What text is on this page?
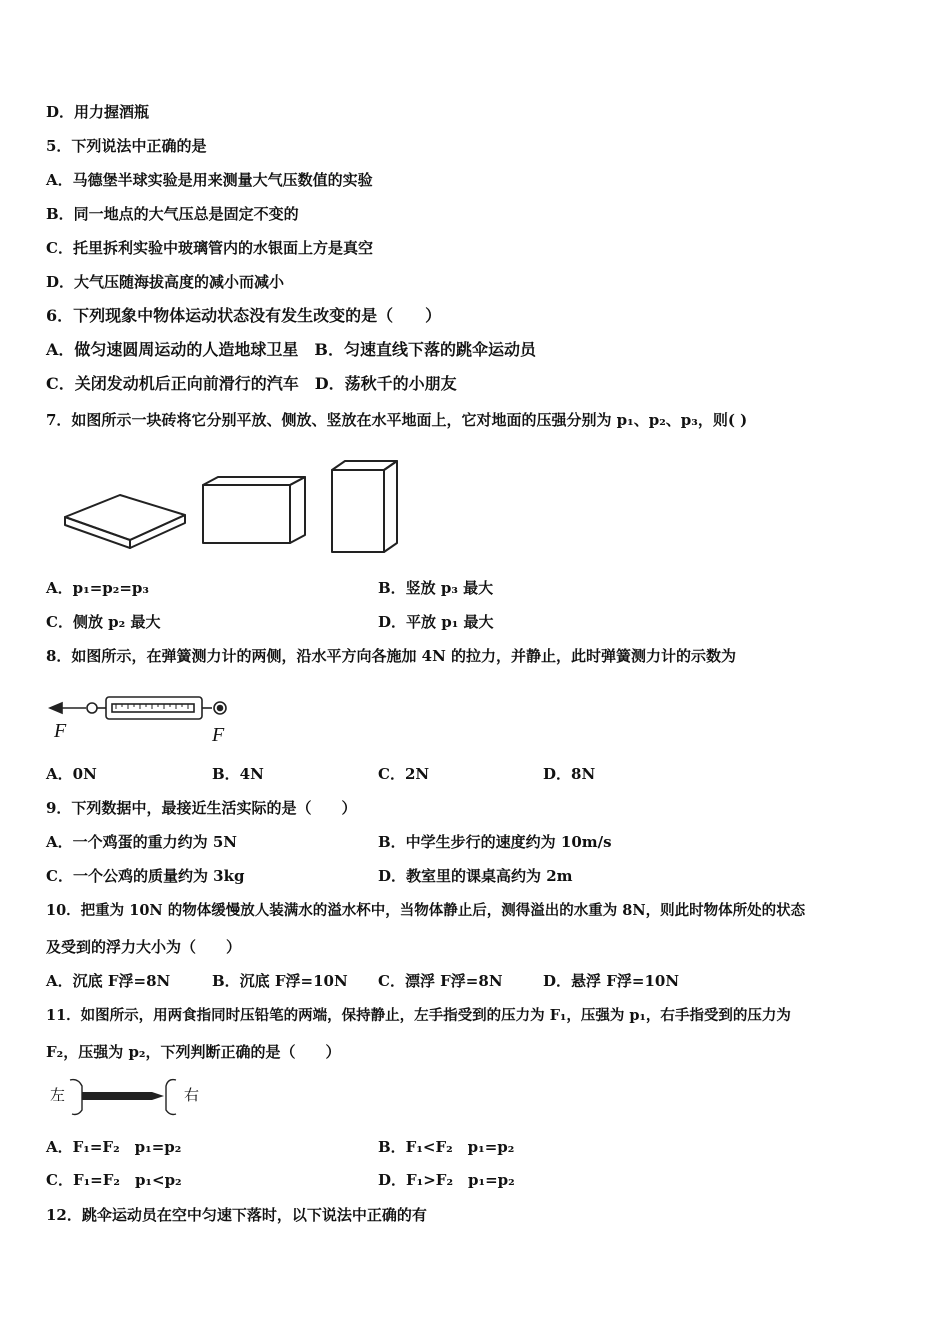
D．用力握酒瓶
5．下列说法中正确的是
A．马德堡半球实验是用来测量大气压数值的实验
B．同一地点的大气压总是固定不变的
C．托里拆利实验中玻璃管内的水银面上方是真空
D．大气压随海拔高度的减小而减小
6．下列现象中物体运动状态没有发生改变的是（　　）
A．做匀速圆周运动的人造地球卫星　B．匀速直线下落的跳伞运动员
C．关闭发动机后正向前滑行的汽车　D．荡秋千的小朋友
7．如图所示一块砖将它分别平放、侧放、竖放在水平地面上，它对地面的压强分别为 p₁、p₂、p₃，则( )
A．p₁=p₂=p₃	B．竖放 p₃ 最大
C．侧放 p₂ 最大	D．平放 p₁ 最大
8．如图所示，在弹簧测力计的两侧，沿水平方向各施加 4N 的拉力，并静止，此时弹簧测力计的示数为
F	F
A．0N	B．4N	C．2N	D．8N
9．下列数据中，最接近生活实际的是（　　）
A．一个鸡蛋的重力约为 5N	B．中学生步行的速度约为 10m/s
C．一个公鸡的质量约为 3kg	D．教室里的课桌高约为 2m
10．把重为 10N 的物体缓慢放人装满水的溢水杯中，当物体静止后，测得溢出的水重为 8N，则此时物体所处的状态
及受到的浮力大小为（　　）
A．沉底 F浮=8N	B．沉底 F浮=10N C．漂浮 F浮=8N	D．悬浮 F浮=10N
11．如图所示，用两食指同时压铅笔的两端，保持静止，左手指受到的压力为 F₁，压强为 p₁，右手指受到的压力为
F₂，压强为 p₂，下列判断正确的是（　　）
左	右
A．F₁=F₂　p₁=p₂	B．F₁<F₂　p₁=p₂
C．F₁=F₂　p₁<p₂	D．F₁>F₂　p₁=p₂
12．跳伞运动员在空中匀速下落时，以下说法中正确的有
